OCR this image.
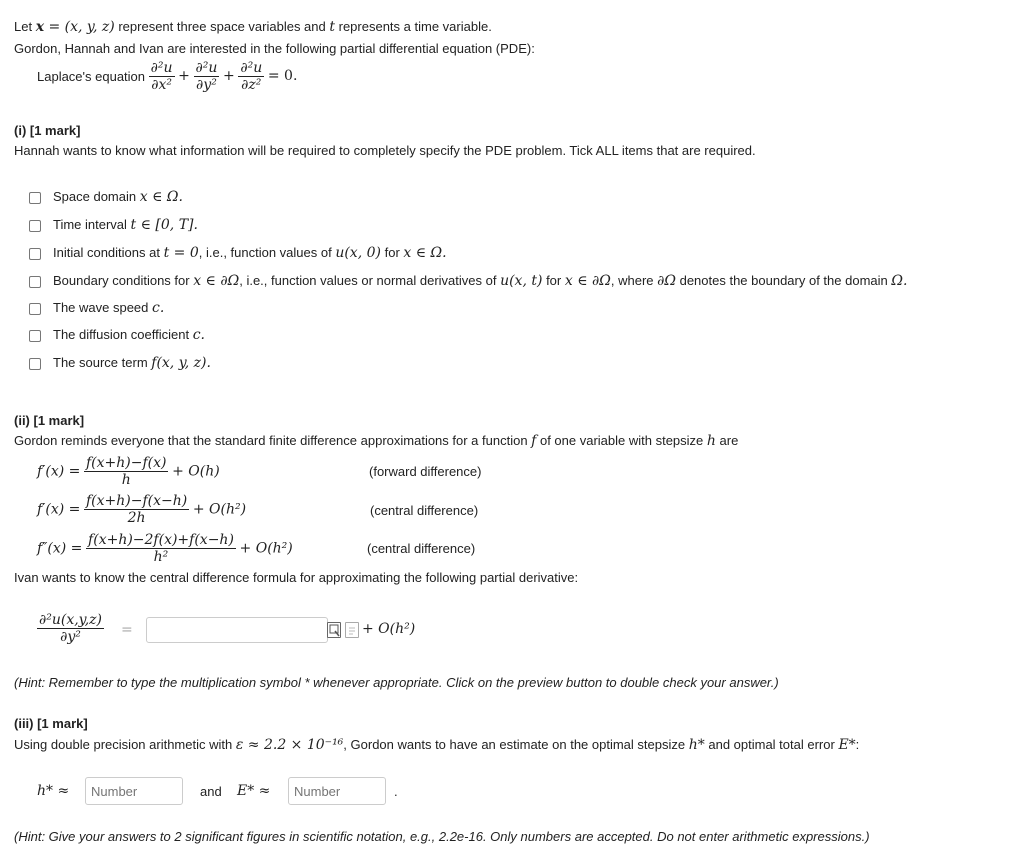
Let x = (x, y, z) represent three space variables and t represents a time variable.
Gordon, Hannah and Ivan are interested in the following partial differential equation (PDE):
Laplace's equation $\frac{\text{∂²u}}{\text{∂x²}} + \frac{\text{∂²u}}{\text{∂y²}} + \frac{\text{∂²u}}{\text{∂z²}} = 0$.
(i) [1 mark]
Hannah wants to know what information will be required to completely specify the PDE problem. Tick ALL items that are required.
Space domain x ∈ Ω.
Time interval t ∈ [0, T].
Initial conditions at t = 0, i.e., function values of u(x, 0) for x ∈ Ω.
Boundary conditions for x ∈ ∂Ω, i.e., function values or normal derivatives of u(x, t) for x ∈ ∂Ω, where ∂Ω denotes the boundary of the domain Ω.
The wave speed c.
The diffusion coefficient c.
The source term f(x, y, z).
(ii) [1 mark]
Gordon reminds everyone that the standard finite difference approximations for a function f of one variable with stepsize h are
$f'(x) = \frac{f(x+h)-f(x)}{h} + O(h)$	(forward difference)
$f'(x) = \frac{f(x+h)-f(x-h)}{2h} + O(h^2)$	(central difference)
$f''(x) = \frac{f(x+h)-2f(x)+f(x-h)}{\text{h²}} + O(h^2)$	(central difference)
Ivan wants to know the central difference formula for approximating the following partial derivative:
$\frac{\text{∂²u(x,y,z)}}{\text{∂y²}}$ =	+ O(h²)
(Hint: Remember to type the multiplication symbol * whenever appropriate. Click on the preview button to double check your answer.)
(iii) [1 mark]
Using double precision arithmetic with ε ≈ 2.2 × 10⁻¹⁶, Gordon wants to have an estimate on the optimal stepsize h* and optimal total error E*:
h* ≈
Number	and E* ≈
Number	.
(Hint: Give your answers to 2 significant figures in scientific notation, e.g., 2.2e-16. Only numbers are accepted. Do not enter arithmetic expressions.)
